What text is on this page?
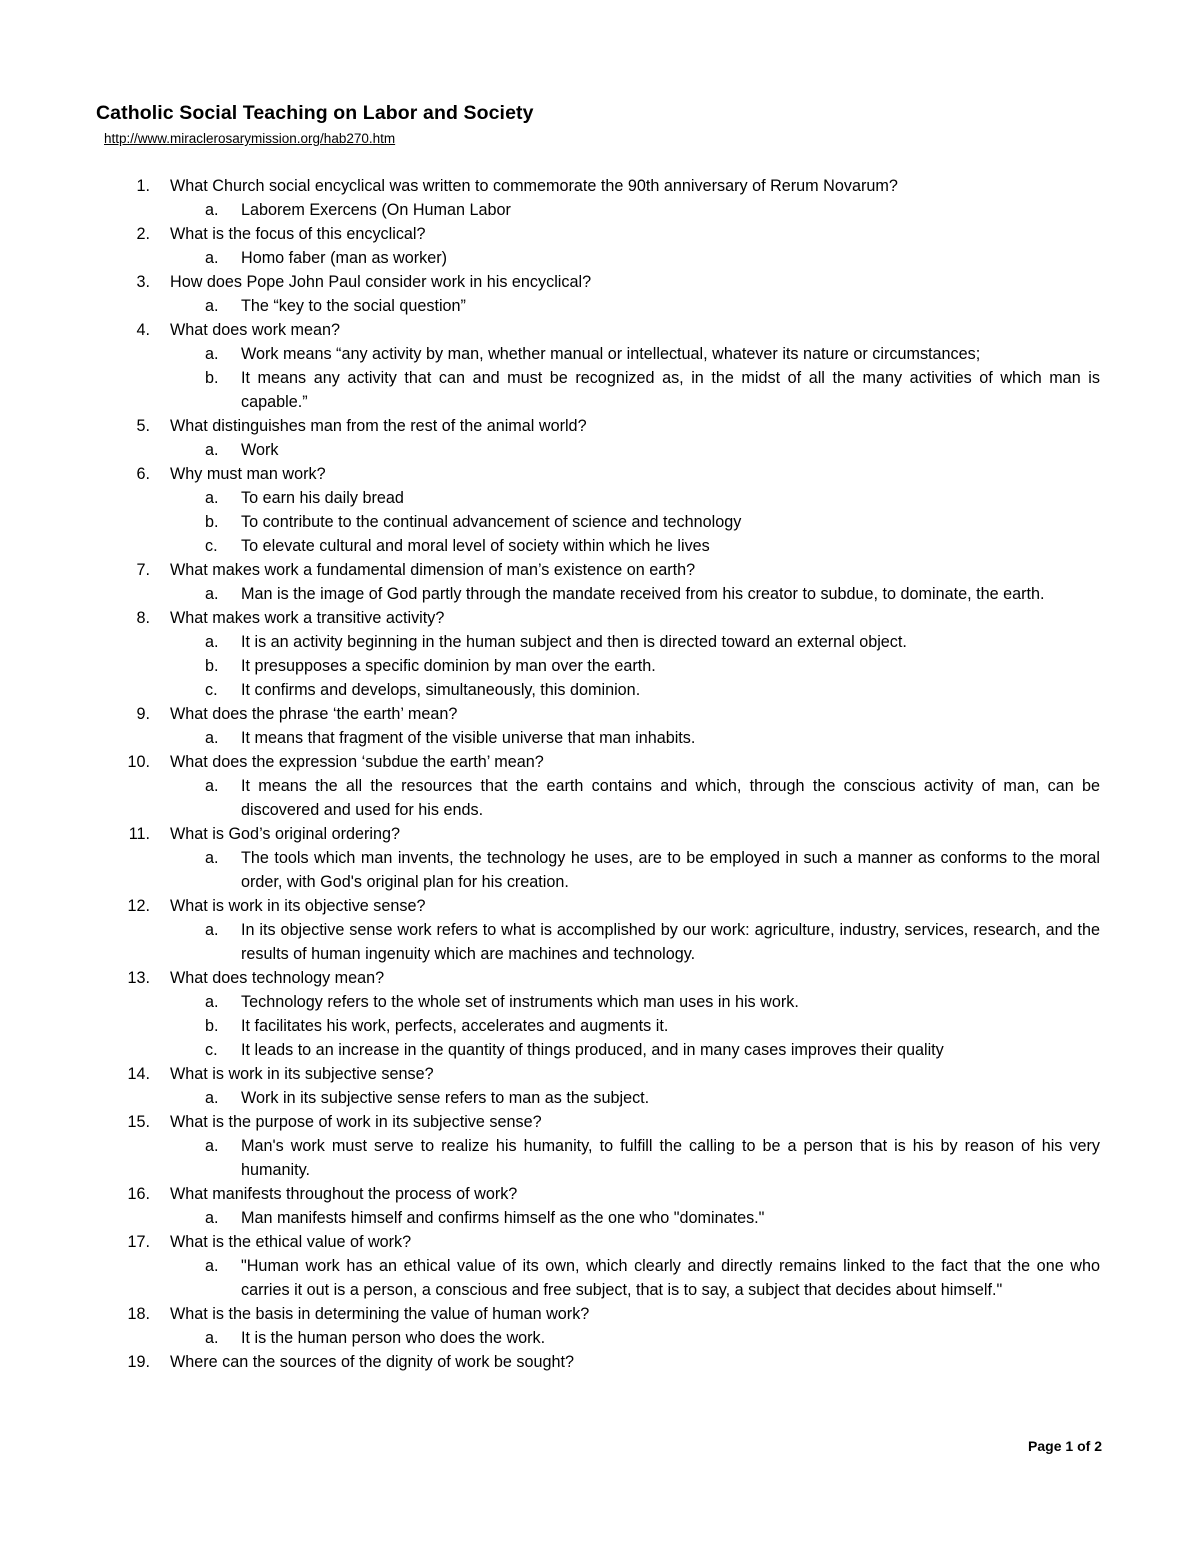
Catholic Social Teaching on Labor and Society
http://www.miraclerosarymission.org/hab270.htm
1. What Church social encyclical was written to commemorate the 90th anniversary of Rerum Novarum?
a. Laborem Exercens (On Human Labor
2. What is the focus of this encyclical?
a. Homo faber (man as worker)
3. How does Pope John Paul consider work in his encyclical?
a. The “key to the social question”
4. What does work mean?
a. Work means “any activity by man, whether manual or intellectual, whatever its nature or circumstances;
b. It means any activity that can and must be recognized as, in the midst of all the many activities of which man is capable.”
5. What distinguishes man from the rest of the animal world?
a. Work
6. Why must man work?
a. To earn his daily bread
b. To contribute to the continual advancement of science and technology
c. To elevate cultural and moral level of society within which he lives
7. What makes work a fundamental dimension of man’s existence on earth?
a. Man is the image of God partly through the mandate received from his creator to subdue, to dominate, the earth.
8. What makes work a transitive activity?
a. It is an activity beginning in the human subject and then is directed toward an external object.
b. It presupposes a specific dominion by man over the earth.
c. It confirms and develops, simultaneously, this dominion.
9. What does the phrase ‘the earth’ mean?
a. It means that fragment of the visible universe that man inhabits.
10. What does the expression ‘subdue the earth’ mean?
a. It means the all the resources that the earth contains and which, through the conscious activity of man, can be discovered and used for his ends.
11. What is God’s original ordering?
a. The tools which man invents, the technology he uses, are to be employed in such a manner as conforms to the moral order, with God's original plan for his creation.
12. What is work in its objective sense?
a. In its objective sense work refers to what is accomplished by our work: agriculture, industry, services, research, and the results of human ingenuity which are machines and technology.
13. What does technology mean?
a. Technology refers to the whole set of instruments which man uses in his work.
b. It facilitates his work, perfects, accelerates and augments it.
c. It leads to an increase in the quantity of things produced, and in many cases improves their quality
14. What is work in its subjective sense?
a. Work in its subjective sense refers to man as the subject.
15. What is the purpose of work in its subjective sense?
a. Man's work must serve to realize his humanity, to fulfill the calling to be a person that is his by reason of his very humanity.
16. What manifests throughout the process of work?
a. Man manifests himself and confirms himself as the one who "dominates."
17. What is the ethical value of work?
a. "Human work has an ethical value of its own, which clearly and directly remains linked to the fact that the one who carries it out is a person, a conscious and free subject, that is to say, a subject that decides about himself."
18. What is the basis in determining the value of human work?
a. It is the human person who does the work.
19. Where can the sources of the dignity of work be sought?
Page 1 of 2
